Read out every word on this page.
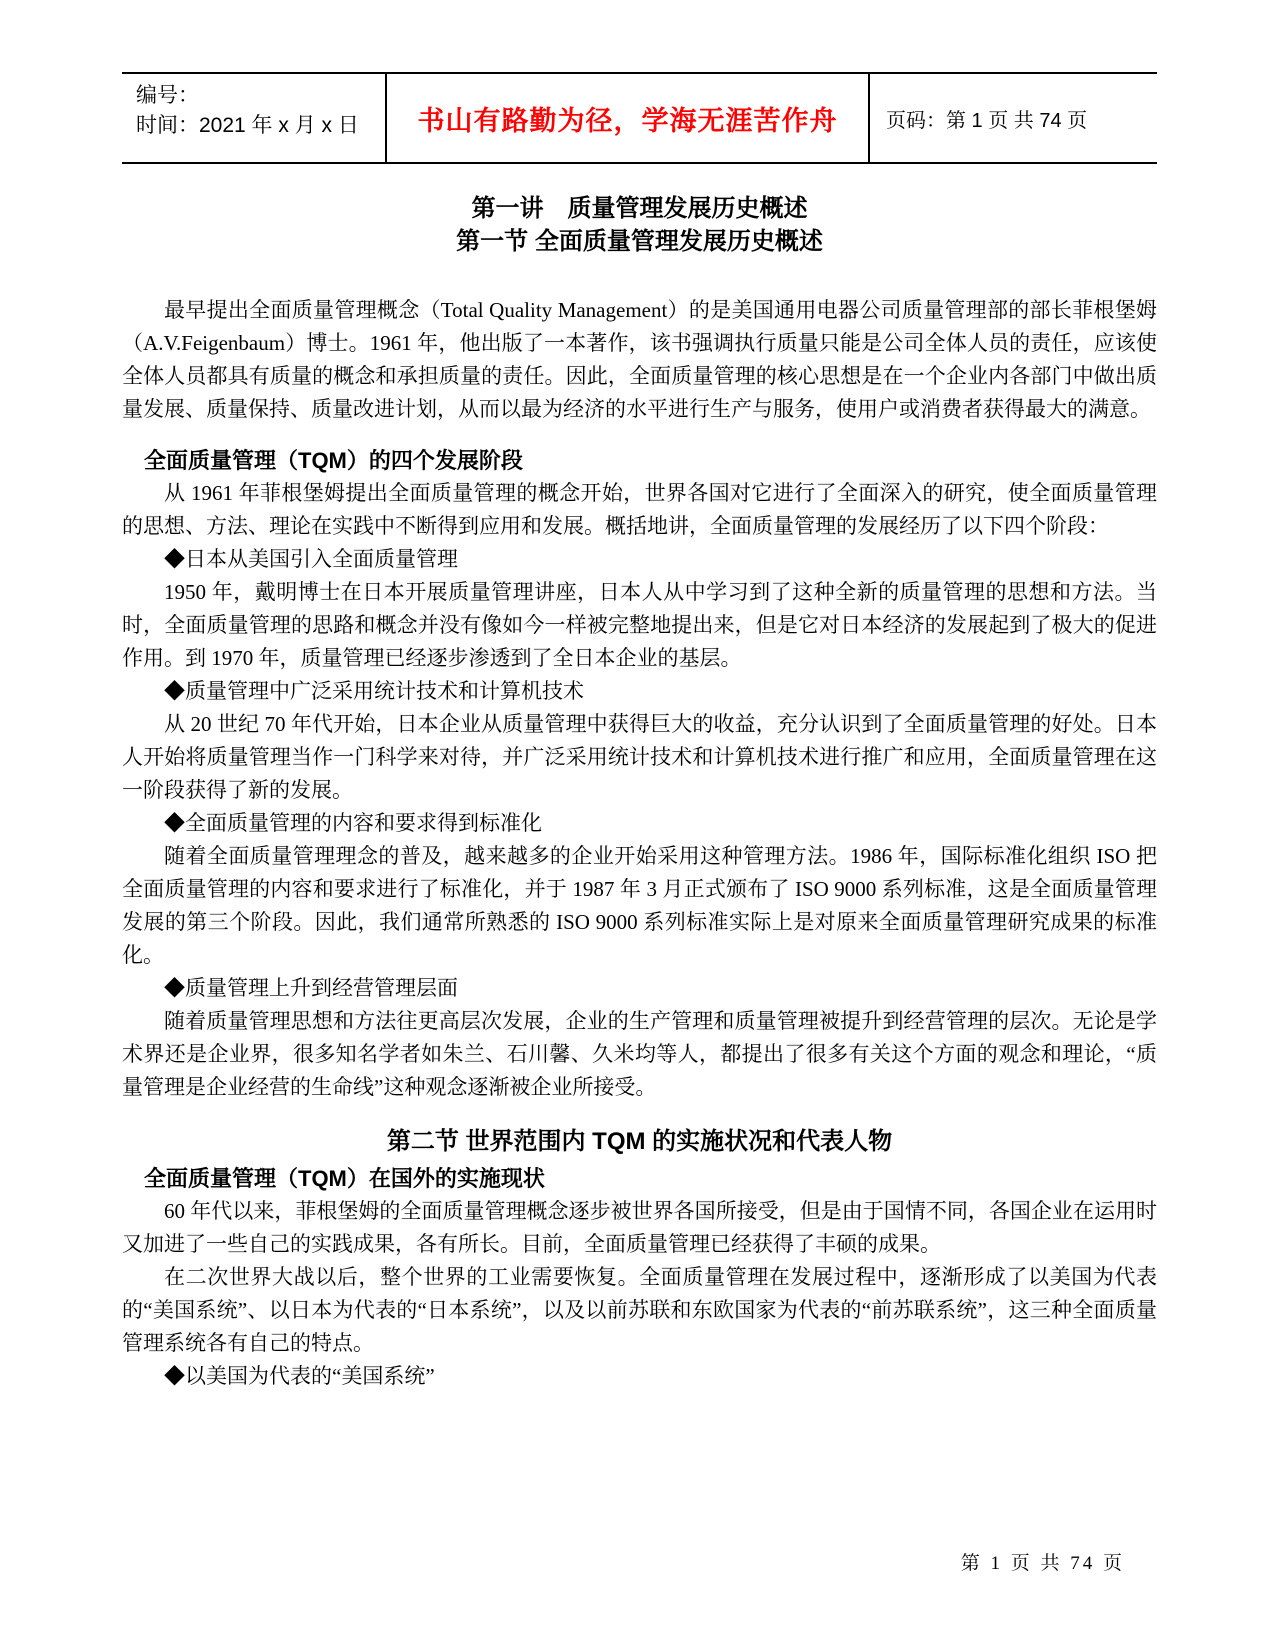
编号：
时间：2021 年 x 月 x 日	书山有路勤为径，学海无涯苦作舟 页码：第 1 页 共 74 页
第一讲　质量管理发展历史概述
第一节 全面质量管理发展历史概述
最早提出全面质量管理概念（Total Quality Management）的是美国通用电器公司质量管理部的部长菲根堡姆（A.V.Feigenbaum）博士。1961 年，他出版了一本著作，该书强调执行质量只能是公司全体人员的责任，应该使全体人员都具有质量的概念和承担质量的责任。因此，全面质量管理的核心思想是在一个企业内各部门中做出质量发展、质量保持、质量改进计划，从而以最为经济的水平进行生产与服务，使用户或消费者获得最大的满意。
全面质量管理（TQM）的四个发展阶段
从 1961 年菲根堡姆提出全面质量管理的概念开始，世界各国对它进行了全面深入的研究，使全面质量管理的思想、方法、理论在实践中不断得到应用和发展。概括地讲，全面质量管理的发展经历了以下四个阶段：
◆日本从美国引入全面质量管理
1950 年，戴明博士在日本开展质量管理讲座，日本人从中学习到了这种全新的质量管理的思想和方法。当时，全面质量管理的思路和概念并没有像如今一样被完整地提出来，但是它对日本经济的发展起到了极大的促进作用。到 1970 年，质量管理已经逐步渗透到了全日本企业的基层。
◆质量管理中广泛采用统计技术和计算机技术
从 20 世纪 70 年代开始，日本企业从质量管理中获得巨大的收益，充分认识到了全面质量管理的好处。日本人开始将质量管理当作一门科学来对待，并广泛采用统计技术和计算机技术进行推广和应用，全面质量管理在这一阶段获得了新的发展。
◆全面质量管理的内容和要求得到标准化
随着全面质量管理理念的普及，越来越多的企业开始采用这种管理方法。1986 年，国际标准化组织 ISO 把全面质量管理的内容和要求进行了标准化，并于 1987 年 3 月正式颁布了 ISO 9000 系列标准，这是全面质量管理发展的第三个阶段。因此，我们通常所熟悉的 ISO 9000 系列标准实际上是对原来全面质量管理研究成果的标准化。
◆质量管理上升到经营管理层面
随着质量管理思想和方法往更高层次发展，企业的生产管理和质量管理被提升到经营管理的层次。无论是学术界还是企业界，很多知名学者如朱兰、石川馨、久米均等人，都提出了很多有关这个方面的观念和理论，“质量管理是企业经营的生命线”这种观念逐渐被企业所接受。
第二节 世界范围内 TQM 的实施状况和代表人物
全面质量管理（TQM）在国外的实施现状
60 年代以来，菲根堡姆的全面质量管理概念逐步被世界各国所接受，但是由于国情不同，各国企业在运用时又加进了一些自己的实践成果，各有所长。目前，全面质量管理已经获得了丰硕的成果。
在二次世界大战以后，整个世界的工业需要恢复。全面质量管理在发展过程中，逐渐形成了以美国为代表的“美国系统”、以日本为代表的“日本系统”，以及以前苏联和东欧国家为代表的“前苏联系统”，这三种全面质量管理系统各有自己的特点。
◆以美国为代表的“美国系统”
第 1 页 共 74 页
